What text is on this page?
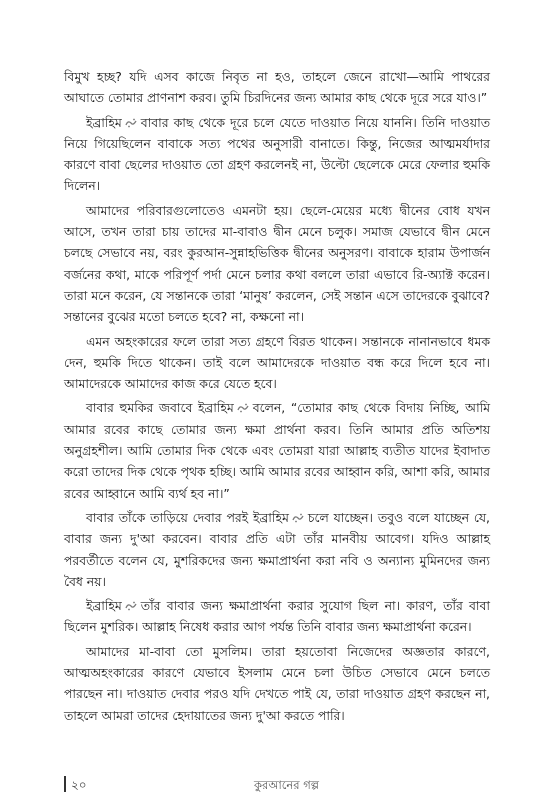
বিমুখ হচ্ছ? যদি এসব কাজে নিবৃত না হও, তাহলে জেনে রাখো—আমি পাথরের আঘাতে তোমার প্রাণনাশ করব। তুমি চিরদিনের জন্য আমার কাছ থেকে দূরে সরে যাও।”

ইব্রাহিম বাবার কাছ থেকে দূরে চলে যেতে দাওয়াত নিয়ে যাননি। তিনি দাওয়াত নিয়ে গিয়েছিলেন বাবাকে সত্য পথের অনুসারী বানাতে। কিন্তু, নিজের আত্মমর্যাদার কারণে বাবা ছেলের দাওয়াত তো গ্রহণ করলেনই না, উল্টো ছেলেকে মেরে ফেলার হুমকি দিলেন।

আমাদের পরিবারগুলোতেও এমনটা হয়। ছেলে-মেয়ের মধ্যে দ্বীনের বোধ যখন আসে, তখন তারা চায় তাদের মা-বাবাও দ্বীন মেনে চলুক। সমাজ যেভাবে দ্বীন মেনে চলছে সেভাবে নয়, বরং কুরআন-সুন্নাহভিত্তিক দ্বীনের অনুসরণ। বাবাকে হারাম উপার্জন বর্জনের কথা, মাকে পরিপূর্ণ পর্দা মেনে চলার কথা বললে তারা এভাবে রি-অ্যাক্ট করেন। তারা মনে করেন, যে সন্তানকে তারা ‘মানুষ’ করলেন, সেই সন্তান এসে তাদেরকে বুঝাবে? সন্তানের বুঝের মতো চলতে হবে? না, কক্ষনো না।

এমন অহংকারের ফলে তারা সত্য গ্রহণে বিরত থাকেন। সন্তানকে নানানভাবে ধমক দেন, হুমকি দিতে থাকেন। তাই বলে আমাদেরকে দাওয়াত বন্ধ করে দিলে হবে না। আমাদেরকে আমাদের কাজ করে যেতে হবে।

বাবার হুমকির জবাবে ইব্রাহিম বলেন, “তোমার কাছ থেকে বিদায় নিচ্ছি, আমি আমার রবের কাছে তোমার জন্য ক্ষমা প্রার্থনা করব। তিনি আমার প্রতি অতিশয় অনুগ্রহশীল। আমি তোমার দিক থেকে এবং তোমরা যারা আল্লাহ ব্যতীত যাদের ইবাদাত করো তাদের দিক থেকে পৃথক হচ্ছি। আমি আমার রবের আহ্বান করি, আশা করি, আমার রবের আহ্বানে আমি ব্যর্থ হব না।”

বাবার তাঁকে তাড়িয়ে দেবার পরই ইব্রাহিম চলে যাচ্ছেন। তবুও বলে যাচ্ছেন যে, বাবার জন্য দু'আ করবেন। বাবার প্রতি এটা তাঁর মানবীয় আবেগ। যদিও আল্লাহ পরবর্তীতে বলেন যে, মুশরিকদের জন্য ক্ষমাপ্রার্থনা করা নবি ও অন্যান্য মুমিনদের জন্য বৈধ নয়।

ইব্রাহিম তাঁর বাবার জন্য ক্ষমাপ্রার্থনা করার সুযোগ ছিল না। কারণ, তাঁর বাবা ছিলেন মুশরিক। আল্লাহ নিষেধ করার আগ পর্যন্ত তিনি বাবার জন্য ক্ষমাপ্রার্থনা করেন।

আমাদের মা-বাবা তো মুসলিম। তারা হয়তোবা নিজেদের অজ্ঞতার কারণে, আত্মঅহংকারের কারণে যেভাবে ইসলাম মেনে চলা উচিত সেভাবে মেনে চলতে পারছেন না। দাওয়াত দেবার পরও যদি দেখতে পাই যে, তারা দাওয়াত গ্রহণ করছেন না, তাহলে আমরা তাদের হেদায়াতের জন্য দু'আ করতে পারি।

২০	কুরআনের গল্প
